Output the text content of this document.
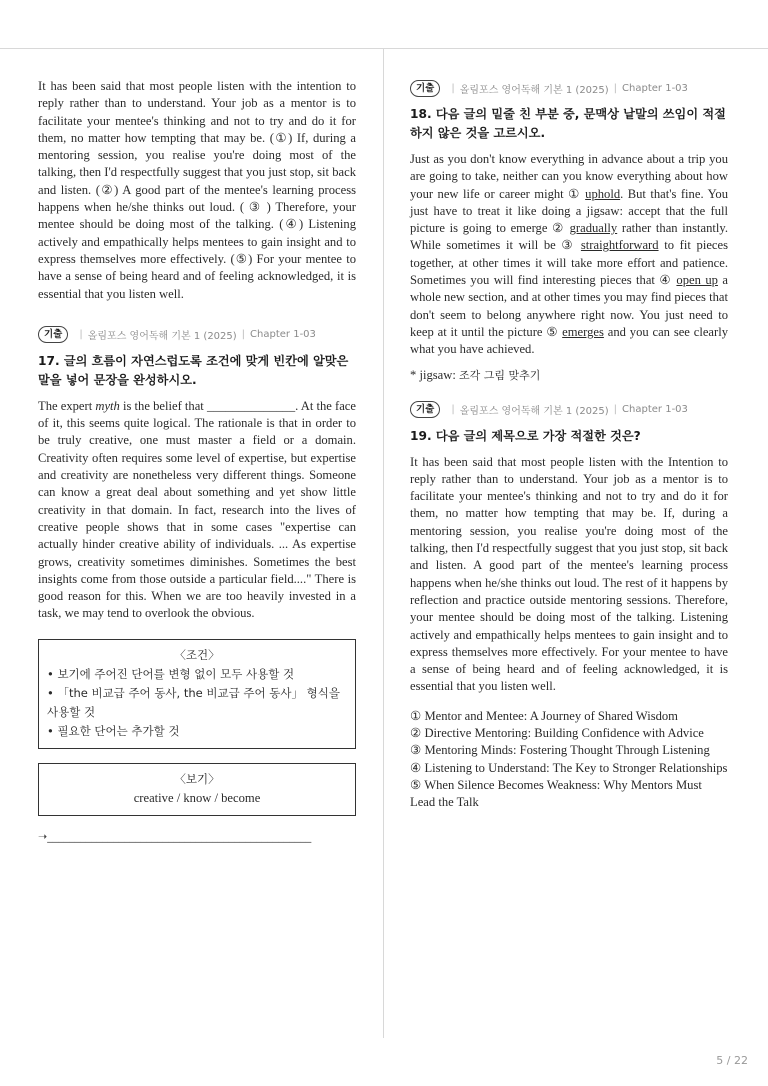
It has been said that most people listen with the intention to reply rather than to understand. Your job as a mentor is to facilitate your mentee's thinking and not to try and do it for them, no matter how tempting that may be. (①) If, during a mentoring session, you realise you're doing most of the talking, then I'd respectfully suggest that you just stop, sit back and listen. (②) A good part of the mentee's learning process happens when he/she thinks out loud. ( ③ ) Therefore, your mentee should be doing most of the talking. (④) Listening actively and empathically helps mentees to gain insight and to express themselves more effectively. (⑤) For your mentee to have a sense of being heard and of feeling acknowledged, it is essential that you listen well.

기출	| 올림포스 영어독해 기본 1 (2025) | Chapter 1-03
17. 글의 흐름이 자연스럽도록 조건에 맞게 빈칸에 알맞은 말을 넣어 문장을 완성하시오.

The expert myth is the belief that ______________. At the face of it, this seems quite logical. The rationale is that in order to be truly creative, one must master a field or a domain. Creativity often requires some level of expertise, but expertise and creativity are nonetheless very different things. Someone can know a great deal about something and yet show little creativity in that domain. In fact, research into the lives of creative people shows that in some cases "expertise can actually hinder creative ability of individuals. ... As expertise grows, creativity sometimes diminishes. Sometimes the best insights come from those outside a particular field...." There is good reason for this. When we are too heavily invested in a task, we may tend to overlook the obvious.

〈조건〉
• 보기에 주어진 단어를 변형 없이 모두 사용할 것
• 「the 비교급 주어 동사, the 비교급 주어 동사」 형식을 사용할 것
• 필요한 단어는 추가할 것
〈보기〉
creative / know / become
➝________________________________________________
기출	| 올림포스 영어독해 기본 1 (2025) | Chapter 1-03
18. 다음 글의 밑줄 친 부분 중, 문맥상 낱말의 쓰임이 적절하지 않은 것을 고르시오.

Just as you don't know everything in advance about a trip you are going to take, neither can you know everything about how your new life or career might ① uphold. But that's fine. You just have to treat it like doing a jigsaw: accept that the full picture is going to emerge ② gradually rather than instantly. While sometimes it will be ③ straightforward to fit pieces together, at other times it will take more effort and patience. Sometimes you will find interesting pieces that ④ open up a whole new section, and at other times you may find pieces that don't seem to belong anywhere right now. You just need to keep at it until the picture ⑤ emerges and you can see clearly what you have achieved.

* jigsaw: 조각 그림 맞추기

기출	| 올림포스 영어독해 기본 1 (2025) | Chapter 1-03
19. 다음 글의 제목으로 가장 적절한 것은?

It has been said that most people listen with the Intention to reply rather than to understand. Your job as a mentor is to facilitate your mentee's thinking and not to try and do it for them, no matter how tempting that may be. If, during a mentoring session, you realise you're doing most of the talking, then I'd respectfully suggest that you just stop, sit back and listen. A good part of the mentee's learning process happens when he/she thinks out loud. The rest of it happens by reflection and practice outside mentoring sessions. Therefore, your mentee should be doing most of the talking. Listening actively and empathically helps mentees to gain insight and to express themselves more effectively. For your mentee to have a sense of being heard and of feeling acknowledged, it is essential that you listen well.

① Mentor and Mentee: A Journey of Shared Wisdom

② Directive Mentoring: Building Confidence with Advice

③ Mentoring Minds: Fostering Thought Through Listening

④ Listening to Understand: The Key to Stronger Relationships

⑤ When Silence Becomes Weakness: Why Mentors Must Lead the Talk

5 / 22
